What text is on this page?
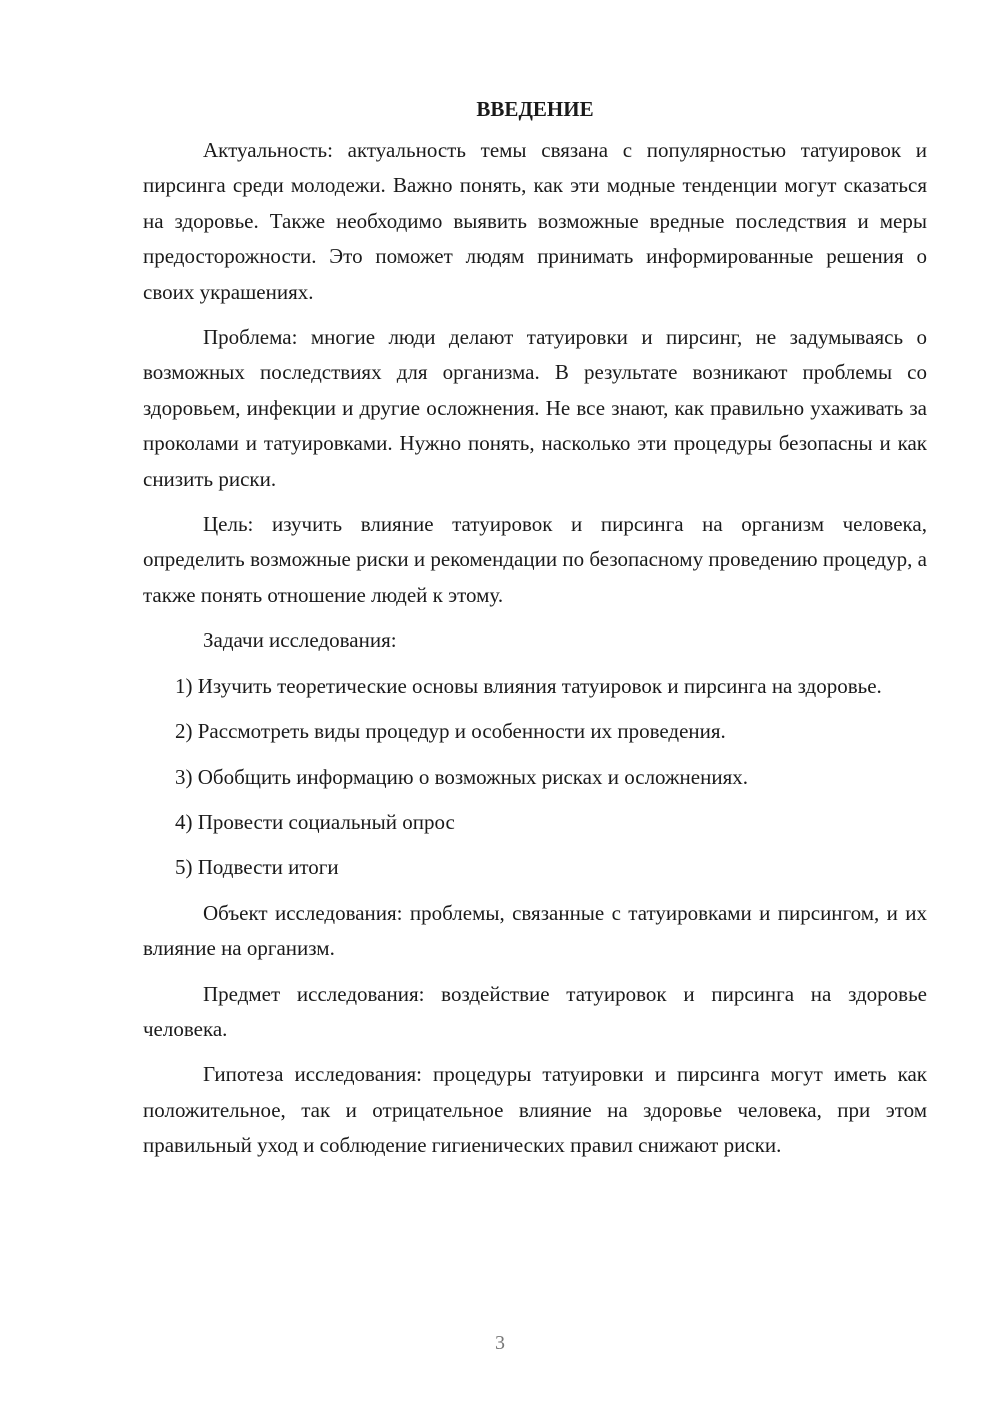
ВВЕДЕНИЕ

Актуальность: актуальность темы связана с популярностью татуировок и пирсинга среди молодежи. Важно понять, как эти модные тенденции могут сказаться на здоровье. Также необходимо выявить возможные вредные последствия и меры предосторожности. Это поможет людям принимать информированные решения о своих украшениях.

Проблема: многие люди делают татуировки и пирсинг, не задумываясь о возможных последствиях для организма. В результате возникают проблемы со здоровьем, инфекции и другие осложнения. Не все знают, как правильно ухаживать за проколами и татуировками. Нужно понять, насколько эти процедуры безопасны и как снизить риски.

Цель: изучить влияние татуировок и пирсинга на организм человека, определить возможные риски и рекомендации по безопасному проведению процедур, а также понять отношение людей к этому.

Задачи исследования:

1) Изучить теоретические основы влияния татуировок и пирсинга на здоровье.

2) Рассмотреть виды процедур и особенности их проведения.

3) Обобщить информацию о возможных рисках и осложнениях.

4) Провести социальный опрос

5) Подвести итоги

Объект исследования: проблемы, связанные с татуировками и пирсингом, и их влияние на организм.

Предмет исследования: воздействие татуировок и пирсинга на здоровье человека.

Гипотеза исследования: процедуры татуировки и пирсинга могут иметь как положительное, так и отрицательное влияние на здоровье человека, при этом правильный уход и соблюдение гигиенических правил снижают риски.

3
